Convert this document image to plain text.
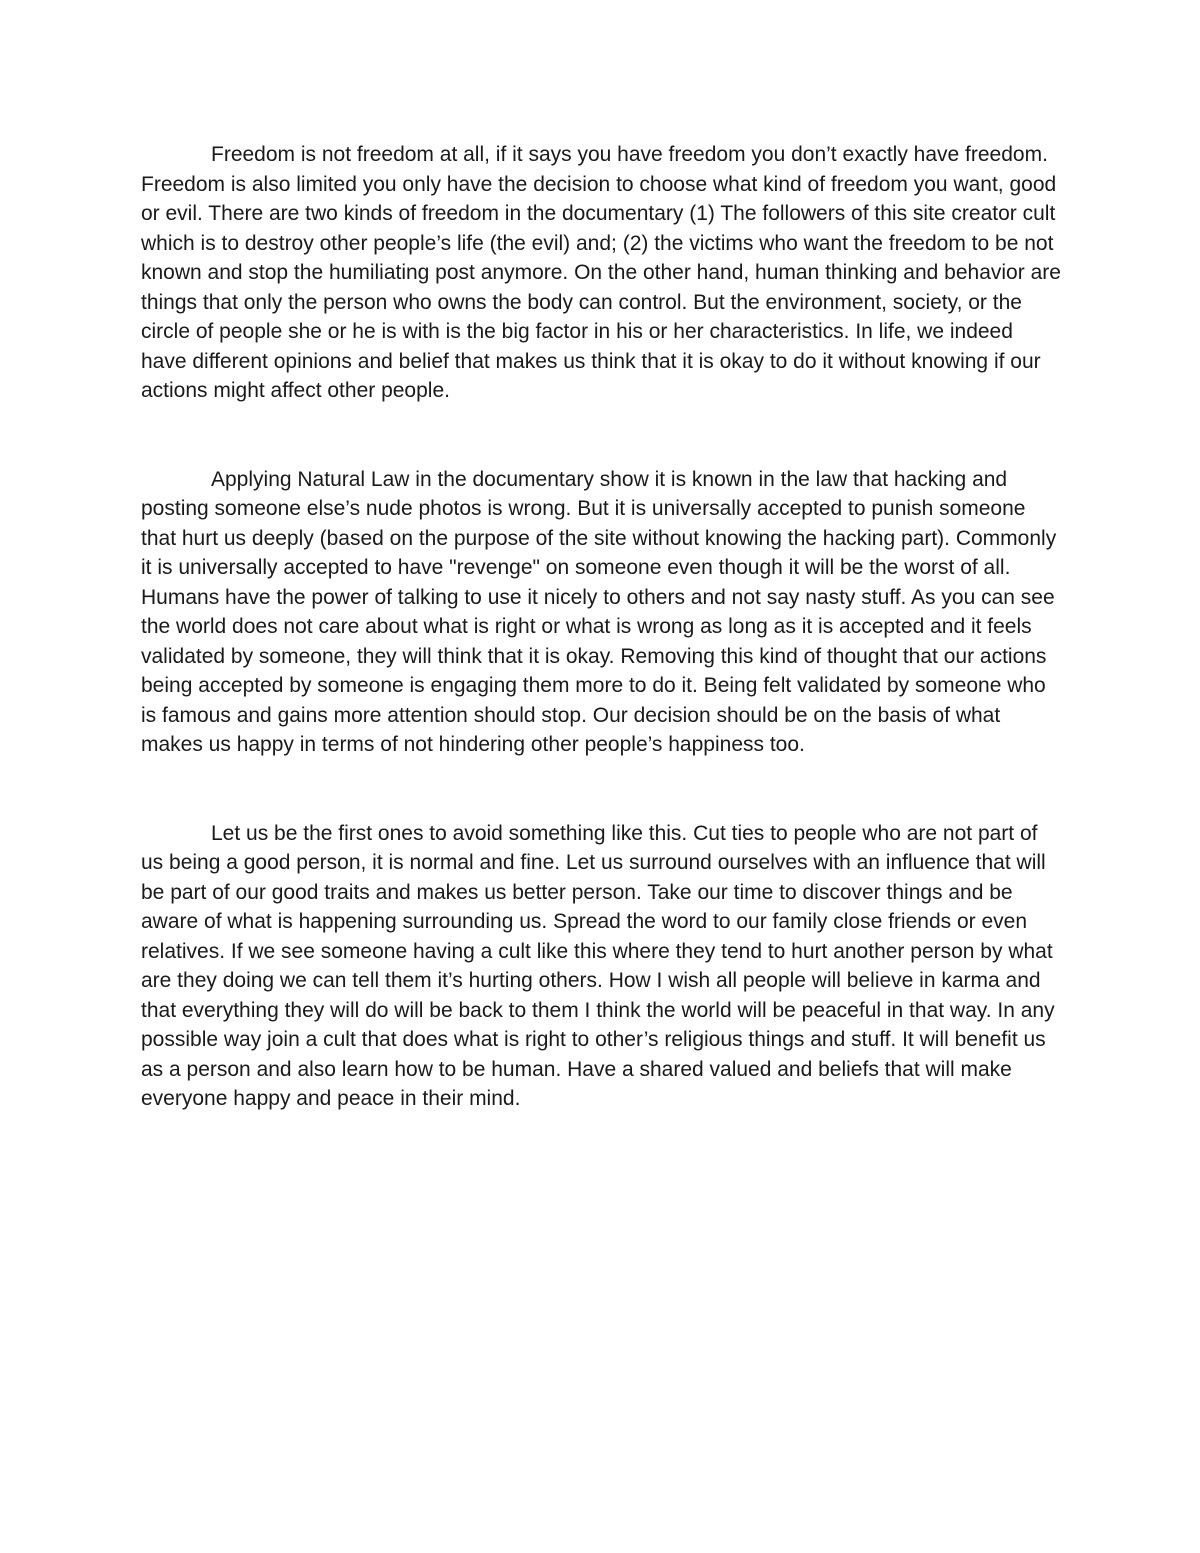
Freedom is not freedom at all, if it says you have freedom you don’t exactly have freedom. Freedom is also limited you only have the decision to choose what kind of freedom you want, good or evil. There are two kinds of freedom in the documentary (1) The followers of this site creator cult which is to destroy other people’s life (the evil) and; (2) the victims who want the freedom to be not known and stop the humiliating post anymore. On the other hand, human thinking and behavior are things that only the person who owns the body can control. But the environment, society, or the circle of people she or he is with is the big factor in his or her characteristics. In life, we indeed have different opinions and belief that makes us think that it is okay to do it without knowing if our actions might affect other people.

Applying Natural Law in the documentary show it is known in the law that hacking and posting someone else’s nude photos is wrong. But it is universally accepted to punish someone that hurt us deeply (based on the purpose of the site without knowing the hacking part). Commonly it is universally accepted to have "revenge" on someone even though it will be the worst of all. Humans have the power of talking to use it nicely to others and not say nasty stuff. As you can see the world does not care about what is right or what is wrong as long as it is accepted and it feels validated by someone, they will think that it is okay. Removing this kind of thought that our actions being accepted by someone is engaging them more to do it. Being felt validated by someone who is famous and gains more attention should stop. Our decision should be on the basis of what makes us happy in terms of not hindering other people’s happiness too.

Let us be the first ones to avoid something like this. Cut ties to people who are not part of us being a good person, it is normal and fine. Let us surround ourselves with an influence that will be part of our good traits and makes us better person. Take our time to discover things and be aware of what is happening surrounding us. Spread the word to our family close friends or even relatives. If we see someone having a cult like this where they tend to hurt another person by what are they doing we can tell them it’s hurting others. How I wish all people will believe in karma and that everything they will do will be back to them I think the world will be peaceful in that way. In any possible way join a cult that does what is right to other’s religious things and stuff. It will benefit us as a person and also learn how to be human. Have a shared valued and beliefs that will make everyone happy and peace in their mind.
